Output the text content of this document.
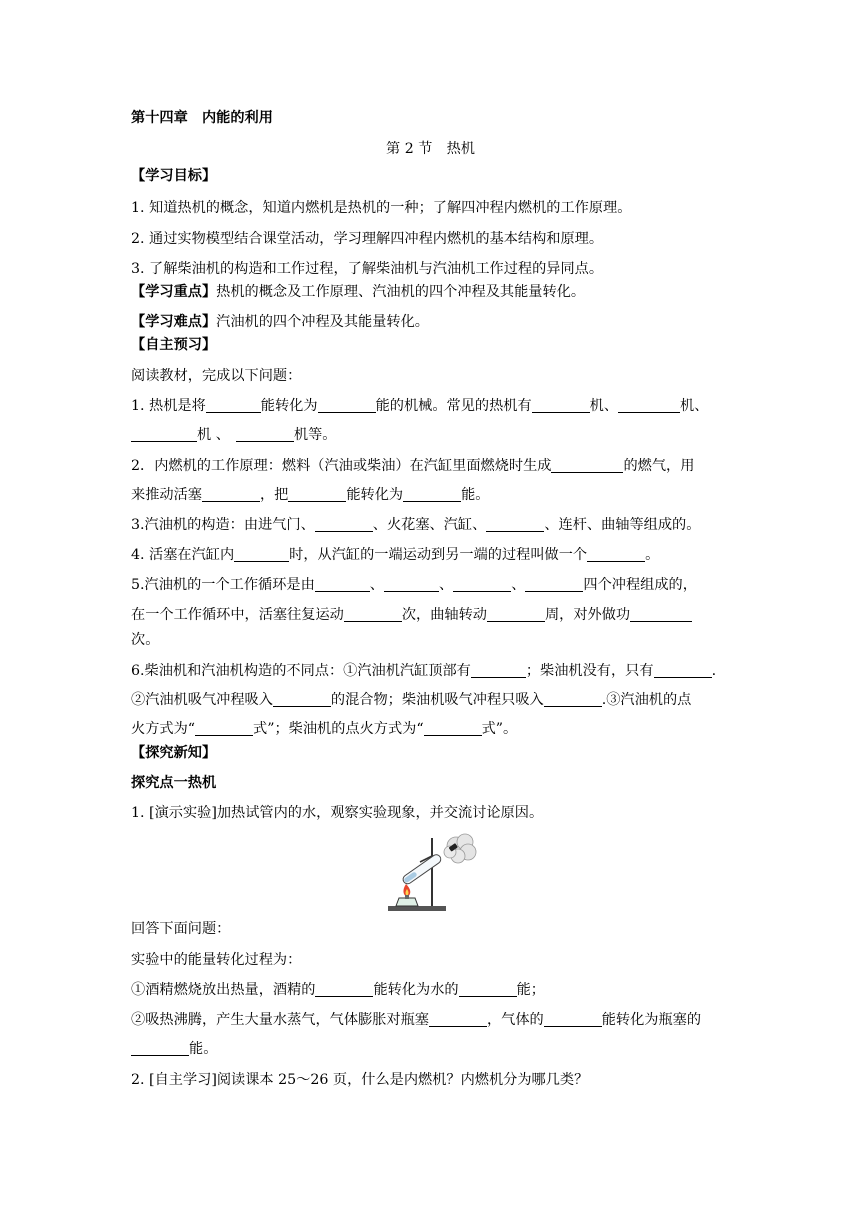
第十四章　内能的利用
第 2 节　热机
【学习目标】
1. 知道热机的概念，知道内燃机是热机的一种；了解四冲程内燃机的工作原理。
2. 通过实物模型结合课堂活动，学习理解四冲程内燃机的基本结构和原理。
3. 了解柴油机的构造和工作过程，了解柴油机与汽油机工作过程的异同点。
【学习重点】热机的概念及工作原理、汽油机的四个冲程及其能量转化。
【学习难点】汽油机的四个冲程及其能量转化。
【自主预习】
阅读教材，完成以下问题：
1. 热机是将	能转化为	能的机械。常见的热机有	机、	机、
机 、	机等。
2．内燃机的工作原理：燃料（汽油或柴油）在汽缸里面燃烧时生成	的燃气，用
来推动活塞	，把	能转化为	能。
3.汽油机的构造：由进气门、	、火花塞、汽缸、	、连杆、曲轴等组成的。
4. 活塞在汽缸内	时，从汽缸的一端运动到另一端的过程叫做一个	。
5.汽油机的一个工作循环是由	、	、	、	四个冲程组成的，
在一个工作循环中，活塞往复运动	次，曲轴转动	周，对外做功
次。
6.柴油机和汽油机构造的不同点：①汽油机汽缸顶部有	；柴油机没有，只有	.
②汽油机吸气冲程吸入	的混合物；柴油机吸气冲程只吸入	.③汽油机的点
火方式为“	式”；柴油机的点火方式为“	式”。
【探究新知】
探究点一热机
1. [演示实验]加热试管内的水，观察实验现象，并交流讨论原因。
回答下面问题：
实验中的能量转化过程为：
①酒精燃烧放出热量，酒精的	能转化为水的	能；
②吸热沸腾，产生大量水蒸气，气体膨胀对瓶塞	，气体的	能转化为瓶塞的
能。
2. [自主学习]阅读课本 25～26 页，什么是内燃机？内燃机分为哪几类？
